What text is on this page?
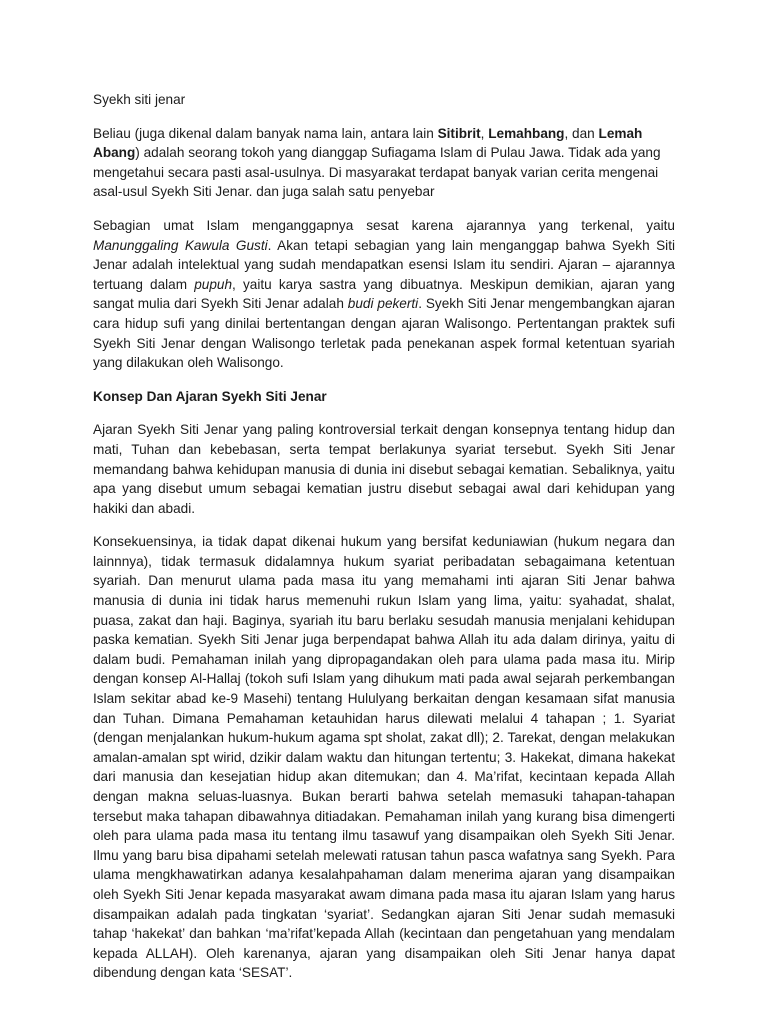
Syekh siti jenar

Beliau (juga dikenal dalam banyak nama lain, antara lain Sitibrit, Lemahbang, dan Lemah Abang) adalah seorang tokoh yang dianggap Sufiagama Islam di Pulau Jawa. Tidak ada yang mengetahui secara pasti asal-usulnya. Di masyarakat terdapat banyak varian cerita mengenai asal-usul Syekh Siti Jenar. dan juga salah satu penyebar

Sebagian umat Islam menganggapnya sesat karena ajarannya yang terkenal, yaitu Manunggaling Kawula Gusti. Akan tetapi sebagian yang lain menganggap bahwa Syekh Siti Jenar adalah intelektual yang sudah mendapatkan esensi Islam itu sendiri. Ajaran – ajarannya tertuang dalam pupuh, yaitu karya sastra yang dibuatnya. Meskipun demikian, ajaran yang sangat mulia dari Syekh Siti Jenar adalah budi pekerti. Syekh Siti Jenar mengembangkan ajaran cara hidup sufi yang dinilai bertentangan dengan ajaran Walisongo. Pertentangan praktek sufi Syekh Siti Jenar dengan Walisongo terletak pada penekanan aspek formal ketentuan syariah yang dilakukan oleh Walisongo.

Konsep Dan Ajaran Syekh Siti Jenar

Ajaran Syekh Siti Jenar yang paling kontroversial terkait dengan konsepnya tentang hidup dan mati, Tuhan dan kebebasan, serta tempat berlakunya syariat tersebut. Syekh Siti Jenar memandang bahwa kehidupan manusia di dunia ini disebut sebagai kematian. Sebaliknya, yaitu apa yang disebut umum sebagai kematian justru disebut sebagai awal dari kehidupan yang hakiki dan abadi.

Konsekuensinya, ia tidak dapat dikenai hukum yang bersifat keduniawian (hukum negara dan lainnnya), tidak termasuk didalamnya hukum syariat peribadatan sebagaimana ketentuan syariah. Dan menurut ulama pada masa itu yang memahami inti ajaran Siti Jenar bahwa manusia di dunia ini tidak harus memenuhi rukun Islam yang lima, yaitu: syahadat, shalat, puasa, zakat dan haji. Baginya, syariah itu baru berlaku sesudah manusia menjalani kehidupan paska kematian. Syekh Siti Jenar juga berpendapat bahwa Allah itu ada dalam dirinya, yaitu di dalam budi. Pemahaman inilah yang dipropagandakan oleh para ulama pada masa itu. Mirip dengan konsep Al-Hallaj (tokoh sufi Islam yang dihukum mati pada awal sejarah perkembangan Islam sekitar abad ke-9 Masehi) tentang Hululyang berkaitan dengan kesamaan sifat manusia dan Tuhan. Dimana Pemahaman ketauhidan harus dilewati melalui 4 tahapan ; 1. Syariat (dengan menjalankan hukum-hukum agama spt sholat, zakat dll); 2. Tarekat, dengan melakukan amalan-amalan spt wirid, dzikir dalam waktu dan hitungan tertentu; 3. Hakekat, dimana hakekat dari manusia dan kesejatian hidup akan ditemukan; dan 4. Ma’rifat, kecintaan kepada Allah dengan makna seluas-luasnya. Bukan berarti bahwa setelah memasuki tahapan-tahapan tersebut maka tahapan dibawahnya ditiadakan. Pemahaman inilah yang kurang bisa dimengerti oleh para ulama pada masa itu tentang ilmu tasawuf yang disampaikan oleh Syekh Siti Jenar. Ilmu yang baru bisa dipahami setelah melewati ratusan tahun pasca wafatnya sang Syekh. Para ulama mengkhawatirkan adanya kesalahpahaman dalam menerima ajaran yang disampaikan oleh Syekh Siti Jenar kepada masyarakat awam dimana pada masa itu ajaran Islam yang harus disampaikan adalah pada tingkatan ‘syariat’. Sedangkan ajaran Siti Jenar sudah memasuki tahap ‘hakekat’ dan bahkan ‘ma’rifat’kepada Allah (kecintaan dan pengetahuan yang mendalam kepada ALLAH). Oleh karenanya, ajaran yang disampaikan oleh Siti Jenar hanya dapat dibendung dengan kata ‘SESAT’.
